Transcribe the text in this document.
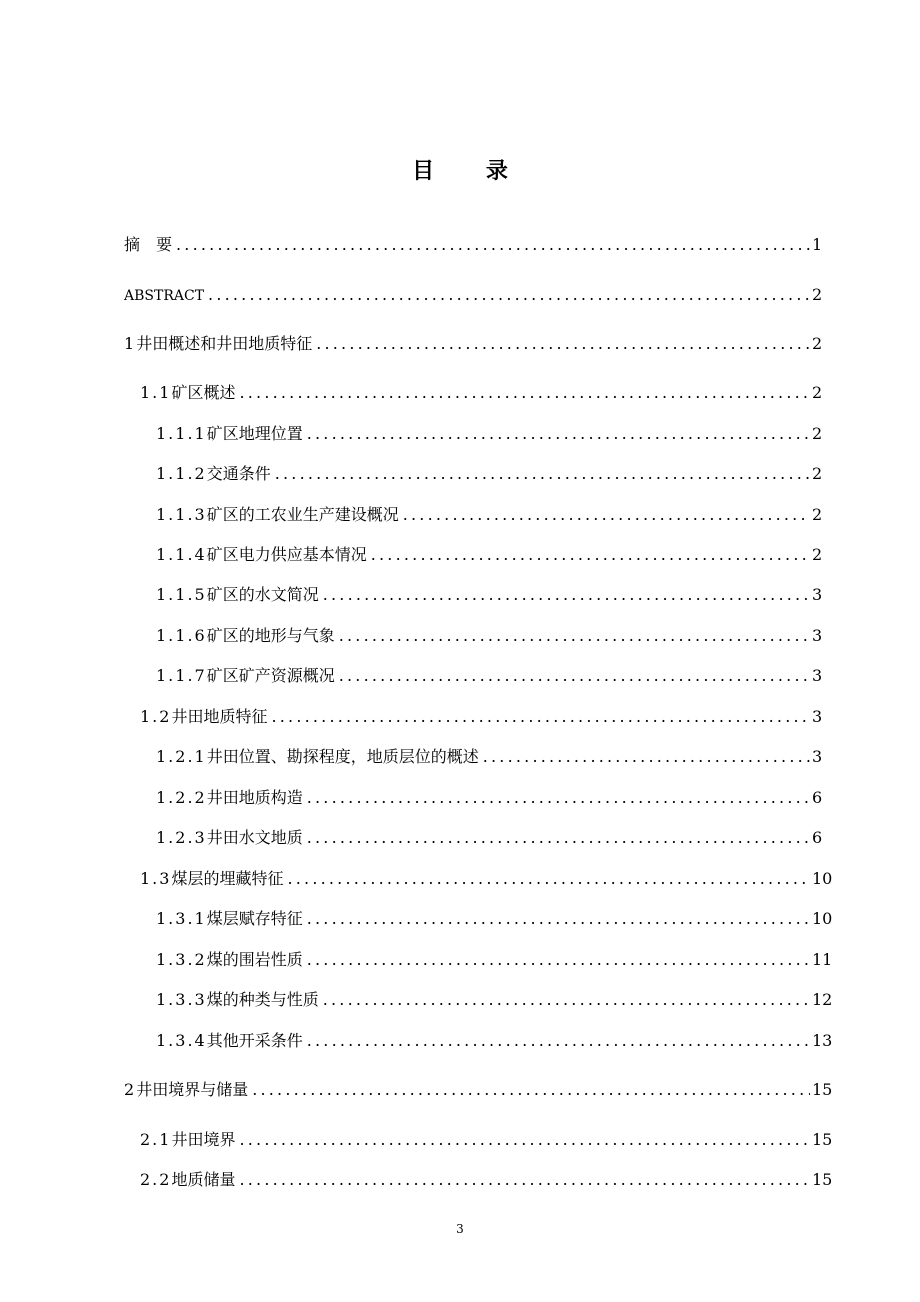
目 录
摘　要 .....	1
ABSTRACT .....	2
1 井田概述和井田地质特征 .....	2
1.1 矿区概述 .....	2
1.1.1 矿区地理位置 .....	2
1.1.2 交通条件 .....	2
1.1.3 矿区的工农业生产建设概况 .....	2
1.1.4 矿区电力供应基本情况 .....	2
1.1.5 矿区的水文简况 .....	3
1.1.6 矿区的地形与气象 .....	3
1.1.7 矿区矿产资源概况 .....	3
1.2 井田地质特征 .....	3
1.2.1 井田位置、勘探程度，地质层位的概述 .....	3
1.2.2 井田地质构造 .....	6
1.2.3 井田水文地质 .....	6
1.3 煤层的埋藏特征 .....	10
1.3.1 煤层赋存特征 .....	10
1.3.2 煤的围岩性质 .....	11
1.3.3 煤的种类与性质 .....	12
1.3.4 其他开采条件 .....	13
2 井田境界与储量 .....	15
2.1 井田境界 .....	15
2.2 地质储量 .....	15
3
